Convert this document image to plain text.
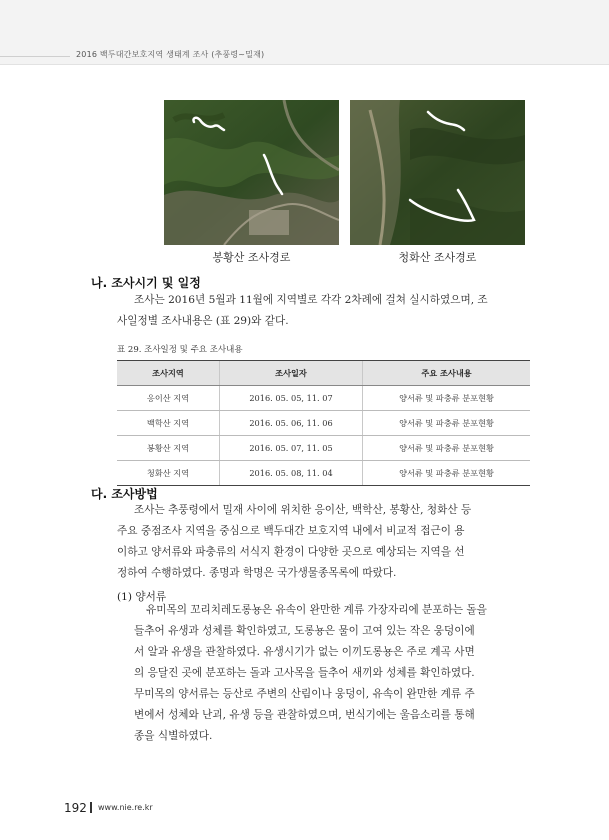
2016 백두대간보호지역 생태계 조사 (추풍령~밀재)
봉황산 조사경로	청화산 조사경로
나. 조사시기 및 일정
조사는 2016년 5월과 11월에 지역별로 각각 2차례에 걸쳐 실시하였으며, 조
사일정별 조사내용은 (표 29)와 같다.
표 29. 조사일정 및 주요 조사내용
조사지역	조사일자	주요 조사내용
응이산 지역	2016. 05. 05, 11. 07	양서류 및 파충류 분포현황
백학산 지역	2016. 05. 06, 11. 06	양서류 및 파충류 분포현황
봉황산 지역	2016. 05. 07, 11. 05	양서류 및 파충류 분포현황
청화산 지역	2016. 05. 08, 11. 04	양서류 및 파충류 분포현황
다. 조사방법
조사는 추풍령에서 밀재 사이에 위치한 응이산, 백학산, 봉황산, 청화산 등
주요 중점조사 지역을 중심으로 백두대간 보호지역 내에서 비교적 접근이 용
이하고 양서류와 파충류의 서식지 환경이 다양한 곳으로 예상되는 지역을 선
정하여 수행하였다. 종명과 학명은 국가생물종목록에 따랐다.
(1) 양서류
유미목의 꼬리치레도롱뇽은 유속이 완만한 계류 가장자리에 분포하는 돌을
들추어 유생과 성체를 확인하였고, 도롱뇽은 물이 고여 있는 작은 웅덩이에
서 알과 유생을 관찰하였다. 유생시기가 없는 이끼도롱뇽은 주로 계곡 사면
의 응달진 곳에 분포하는 돌과 고사목을 들추어 새끼와 성체를 확인하였다.
무미목의 양서류는 등산로 주변의 산림이나 웅덩이, 유속이 완만한 계류 주
변에서 성체와 난괴, 유생 등을 관찰하였으며, 번식기에는 울음소리를 통해
종을 식별하였다.
192 www.nie.re.kr
